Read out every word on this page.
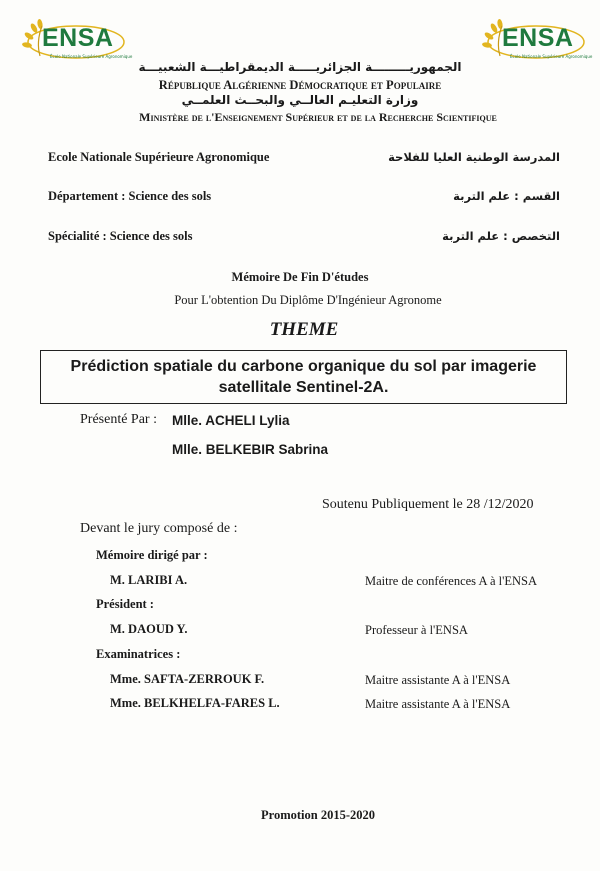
ENSA
École Nationale Supérieure Agronomique
ENSA
École Nationale Supérieure Agronomique
الجمهوريـــــــــة الجزائريـــــة الديمقراطيـــة الشعبيـــة
République Algérienne Démocratique et Populaire
وزارة التعليـم العالــي والبحــث العلمــي
Ministère de l'Enseignement Supérieur et de la Recherche Scientifique
Ecole Nationale Supérieure Agronomique	المدرسة الوطنية العليا للفلاحة
Département : Science des sols	القسم : علم التربة
Spécialité : Science des sols	التخصص : علم التربة
Mémoire De Fin D'études
Pour L'obtention Du Diplôme D'Ingénieur Agronome
THEME
Prédiction spatiale du carbone organique du sol par imagerie
satellitale Sentinel-2A.
Présenté Par : Mlle. ACHELI Lylia
Mlle. BELKEBIR Sabrina
Soutenu Publiquement le 28 /12/2020
Devant le jury composé de :
Mémoire dirigé par :
M. LARIBI A.	Maitre de conférences A à l'ENSA
Président :
M. DAOUD Y.	Professeur à l'ENSA
Examinatrices :
Mme. SAFTA-ZERROUK F.	Maitre assistante A à l'ENSA
Mme. BELKHELFA-FARES L.	Maitre assistante A à l'ENSA
Promotion 2015-2020
